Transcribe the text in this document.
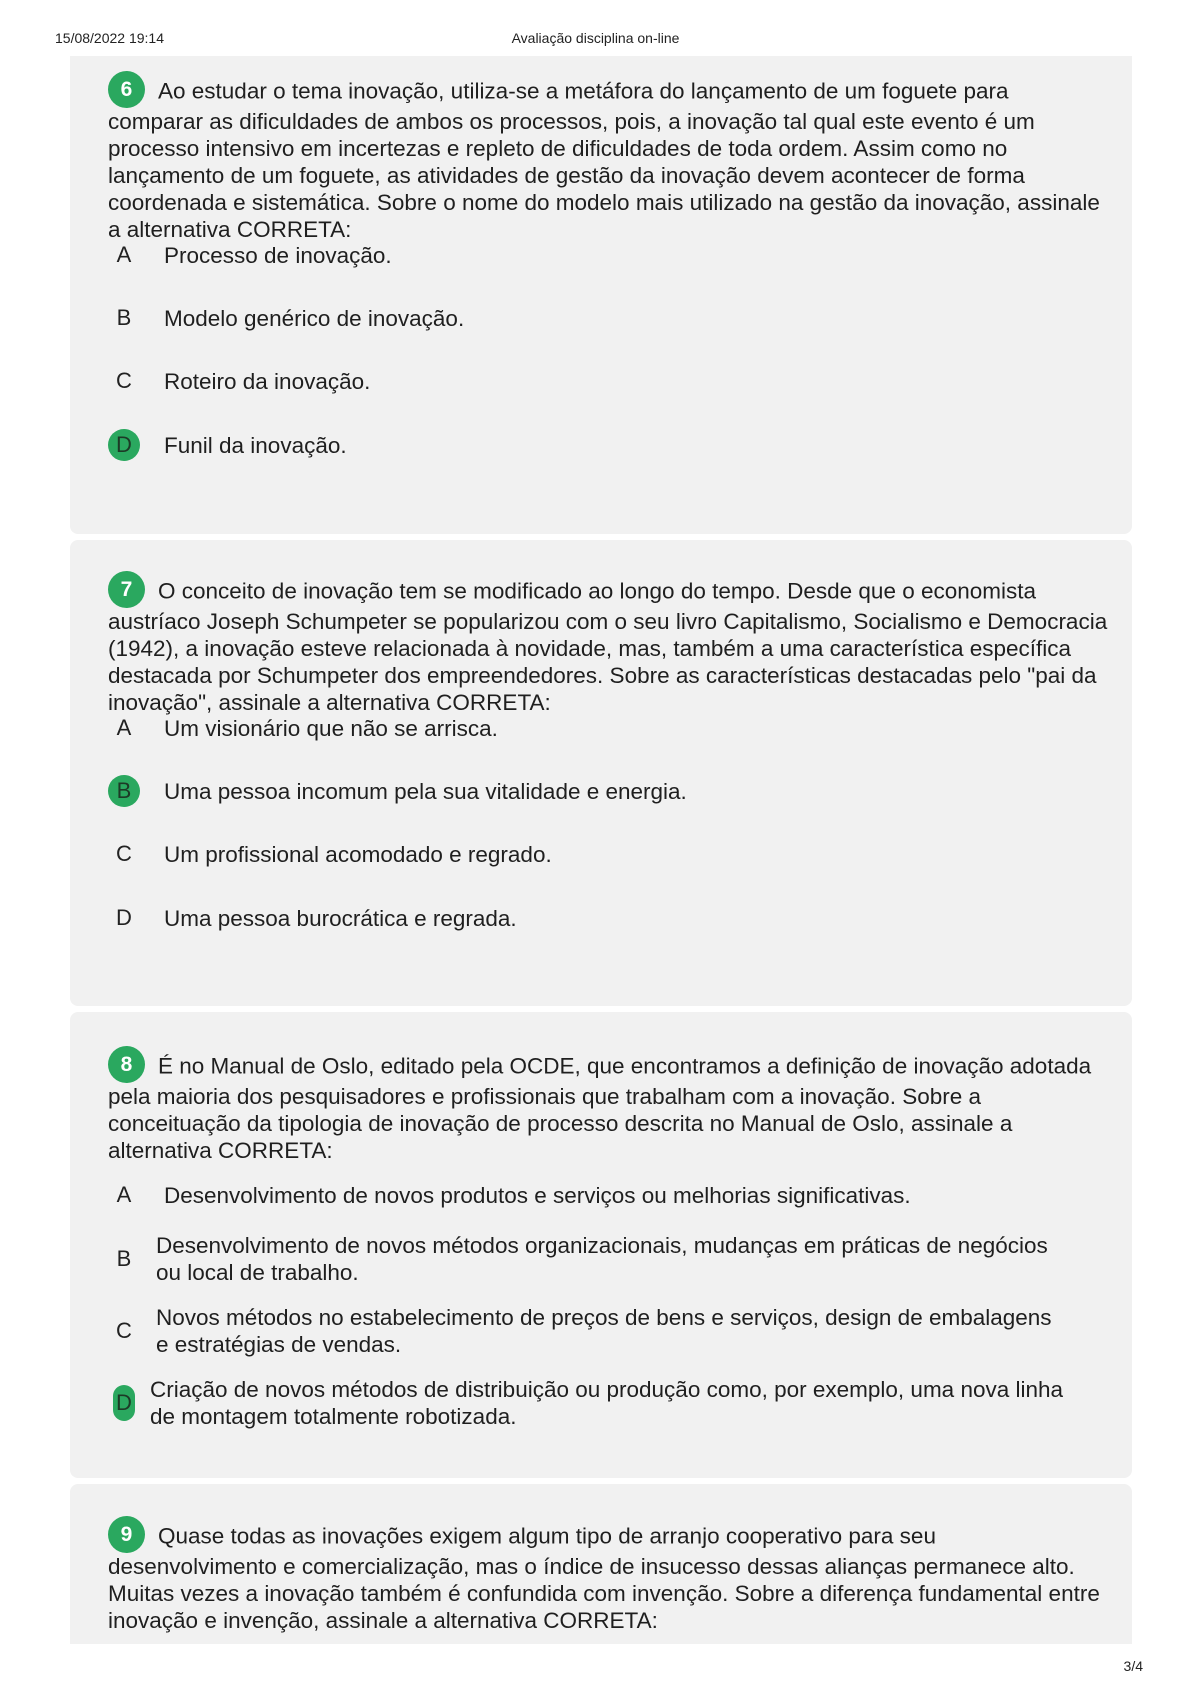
15/08/2022 19:14	Avaliação disciplina on-line
6 Ao estudar o tema inovação, utiliza-se a metáfora do lançamento de um foguete para comparar as dificuldades de ambos os processos, pois, a inovação tal qual este evento é um processo intensivo em incertezas e repleto de dificuldades de toda ordem. Assim como no lançamento de um foguete, as atividades de gestão da inovação devem acontecer de forma coordenada e sistemática. Sobre o nome do modelo mais utilizado na gestão da inovação, assinale a alternativa CORRETA:
A	Processo de inovação.
B	Modelo genérico de inovação.
C	Roteiro da inovação.
D	Funil da inovação.
7 O conceito de inovação tem se modificado ao longo do tempo. Desde que o economista austríaco Joseph Schumpeter se popularizou com o seu livro Capitalismo, Socialismo e Democracia (1942), a inovação esteve relacionada à novidade, mas, também a uma característica específica destacada por Schumpeter dos empreendedores. Sobre as características destacadas pelo "pai da inovação", assinale a alternativa CORRETA:
A	Um visionário que não se arrisca.
B	Uma pessoa incomum pela sua vitalidade e energia.
C	Um profissional acomodado e regrado.
D	Uma pessoa burocrática e regrada.
8 É no Manual de Oslo, editado pela OCDE, que encontramos a definição de inovação adotada pela maioria dos pesquisadores e profissionais que trabalham com a inovação. Sobre a conceituação da tipologia de inovação de processo descrita no Manual de Oslo, assinale a alternativa CORRETA:
A	Desenvolvimento de novos produtos e serviços ou melhorias significativas.
B
Desenvolvimento de novos métodos organizacionais, mudanças em práticas de negócios ou local de trabalho.
C
Novos métodos no estabelecimento de preços de bens e serviços, design de embalagens e estratégias de vendas.
D
Criação de novos métodos de distribuição ou produção como, por exemplo, uma nova linha de montagem totalmente robotizada.
9 Quase todas as inovações exigem algum tipo de arranjo cooperativo para seu desenvolvimento e comercialização, mas o índice de insucesso dessas alianças permanece alto. Muitas vezes a inovação também é confundida com invenção. Sobre a diferença fundamental entre inovação e invenção, assinale a alternativa CORRETA:
3/4
